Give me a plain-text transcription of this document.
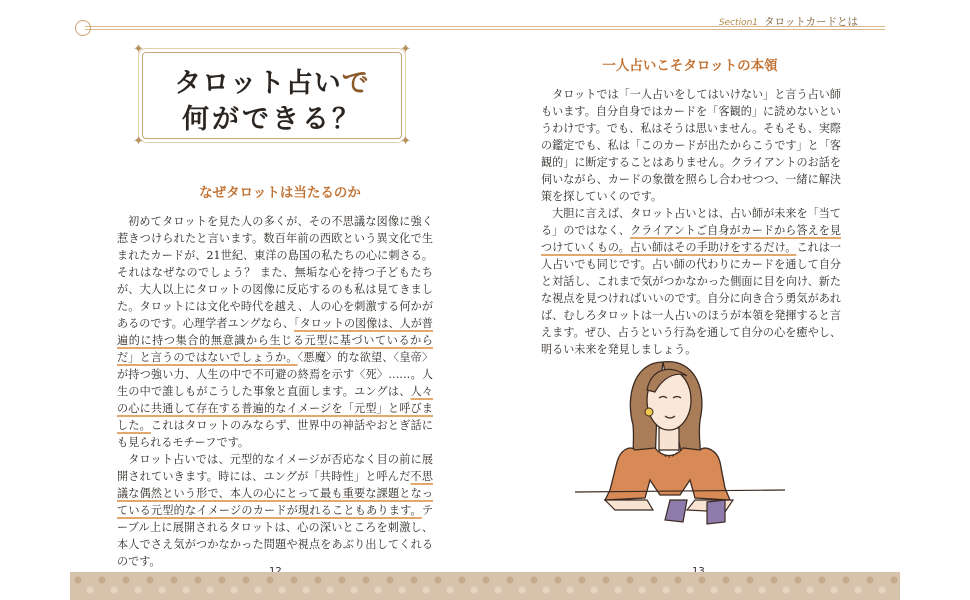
✦	✦
✦	✦
タロット占いで
何ができる？
なぜタロットは当たるのか

初めてタロットを見た人の多くが、その不思議な図像に強く惹きつけられたと言います。数百年前の西欧という異文化で生まれたカードが、21世紀、東洋の島国の私たちの心に刺さる。それはなぜなのでしょう？ また、無垢な心を持つ子どもたちが、大人以上にタロットの図像に反応するのも私は見てきました。タロットには文化や時代を越え、人の心を刺激する何かがあるのです。心理学者ユングなら、「タロットの図像は、人が普遍的に持つ集合的無意識から生じる元型に基づいているからだ」と言うのではないでしょうか。〈悪魔〉的な欲望、〈皇帝〉が持つ強い力、人生の中で不可避の終焉を示す〈死〉……。人生の中で誰しもがこうした事象と直面します。ユングは、人々の心に共通して存在する普遍的なイメージを「元型」と呼びました。これはタロットのみならず、世界中の神話やおとぎ話にも見られるモチーフです。

タロット占いでは、元型的なイメージが否応なく目の前に展開されていきます。時には、ユングが「共時性」と呼んだ不思議な偶然という形で、本人の心にとって最も重要な課題となっている元型的なイメージのカードが現れることもあります。テーブル上に展開されるタロットは、心の深いところを刺激し、本人でさえ気がつかなかった問題や視点をあぶり出してくれるのです。

Section1 タロットカードとは
一人占いこそタロットの本領

タロットでは「一人占いをしてはいけない」と言う占い師もいます。自分自身ではカードを「客観的」に読めないというわけです。でも、私はそうは思いません。そもそも、実際の鑑定でも、私は「このカードが出たからこうです」と「客観的」に断定することはありません。クライアントのお話を伺いながら、カードの象徴を照らし合わせつつ、一緒に解決策を探していくのです。

大胆に言えば、タロット占いとは、占い師が未来を「当てる」のではなく、クライアントご自身がカードから答えを見つけていくもの。占い師はその手助けをするだけ。これは一人占いでも同じです。占い師の代わりにカードを通して自分と対話し、これまで気がつかなかった側面に目を向け、新たな視点を見つければいいのです。自分に向き合う勇気があれば、むしろタロットは一人占いのほうが本領を発揮すると言えます。ぜひ、占うという行為を通して自分の心を癒やし、明るい未来を発見しましょう。
